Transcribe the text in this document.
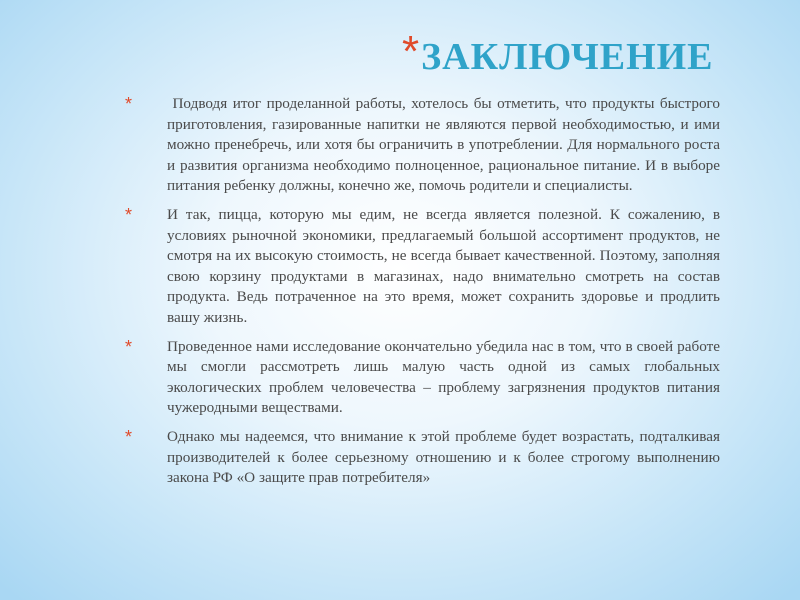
* ЗАКЛЮЧЕНИЕ
*	Подводя итог проделанной работы, хотелось бы отметить, что продукты быстрого приготовления, газированные напитки не являются первой необходимостью, и ими можно пренебречь, или хотя бы ограничить в употреблении. Для нормального роста и развития организма необходимо полноценное, рациональное питание. И в выборе питания ребенку должны, конечно же, помочь родители и специалисты.
*	И так, пицца, которую мы едим, не всегда является полезной. К сожалению, в условиях рыночной экономики, предлагаемый большой ассортимент продуктов, не смотря на их высокую стоимость, не всегда бывает качественной. Поэтому, заполняя свою корзину продуктами в магазинах, надо внимательно смотреть на состав продукта. Ведь потраченное на это время, может сохранить здоровье и продлить вашу жизнь.
*	Проведенное нами исследование окончательно убедила нас в том, что в своей работе мы смогли рассмотреть лишь малую часть одной из самых глобальных экологических проблем человечества – проблему загрязнения продуктов питания чужеродными веществами.
*	Однако мы надеемся, что внимание к этой проблеме будет возрастать, подталкивая производителей к более серьезному отношению и к более строгому выполнению закона РФ «О защите прав потребителя»
